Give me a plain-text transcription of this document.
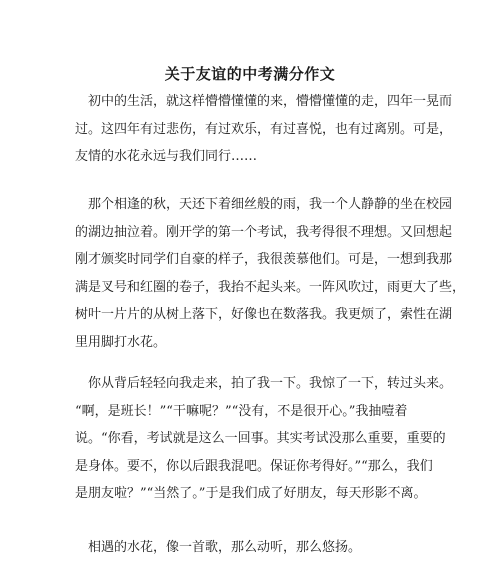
关于友谊的中考满分作文
　初中的生活，就这样懵懵懂懂的来，懵懵懂懂的走，四年一晃而
过。这四年有过悲伤，有过欢乐，有过喜悦，也有过离别。可是，
友情的水花永远与我们同行……
　那个相逢的秋，天还下着细丝般的雨，我一个人静静的坐在校园
的湖边抽泣着。刚开学的第一个考试，我考得很不理想。又回想起
刚才颁奖时同学们自豪的样子，我很羡慕他们。可是，一想到我那
满是叉号和红圈的卷子，我抬不起头来。一阵风吹过，雨更大了些，
树叶一片片的从树上落下，好像也在数落我。我更烦了，索性在湖
里用脚打水花。
　你从背后轻轻向我走来，拍了我一下。我惊了一下，转过头来。
“啊，是班长！”“干嘛呢？”“没有，不是很开心。”我抽噎着
说。“你看，考试就是这么一回事。其实考试没那么重要，重要的
是身体。要不，你以后跟我混吧。保证你考得好。”“那么，我们
是朋友啦？”“当然了。”于是我们成了好朋友，每天形影不离。
　相遇的水花，像一首歌，那么动听，那么悠扬。
